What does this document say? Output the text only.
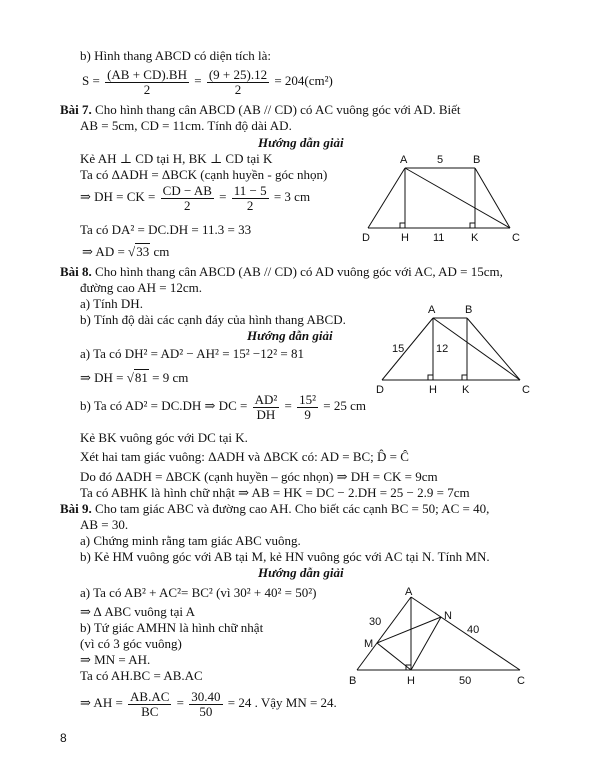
b) Hình thang ABCD có diện tích là:
$S = \frac{(AB + CD).BH}{2} = \frac{(9 + 25).12}{2} = 204(cm^2)$
Bài 7. Cho hình thang cân ABCD (AB // CD) có AC vuông góc với AD. Biết
AB = 5cm, CD = 11cm. Tính độ dài AD.
Hướng dẫn giải
Kẻ AH ⊥ CD tại H, BK ⊥ CD tại K
Ta có ΔADH = ΔBCK (cạnh huyền - góc nhọn)
⇒ DH = CK = $\frac{CD - AB}{2} = \frac{11 - 5}{2} = 3$ cm
Ta có DA² = DC.DH = 11.3 = 33
⇒ AD = √33 cm
A	B
C
D	H	K
5
11
Bài 8. Cho hình thang cân ABCD (AB // CD) có AD vuông góc với AC, AD = 15cm,
đường cao AH = 12cm.
a) Tính DH.
b) Tính độ dài các cạnh đáy của hình thang ABCD.
Hướng dẫn giải
a) Ta có DH² = AD² − AH² = 15² −12² = 81
⇒ DH = √81 = 9 cm
b) Ta có AD² = DC.DH ⇒ DC = $\frac{\text{AD²}}{DH} = \frac{\text{15²}}{9} = 25$ cm
Kẻ BK vuông góc với DC tại K.
Xét hai tam giác vuông: ΔADH và ΔBCK có: AD = BC; D̂ = Ĉ
Do đó ΔADH = ΔBCK (cạnh huyền – góc nhọn) ⇒ DH = CK = 9cm
Ta có ABHK là hình chữ nhật ⇒ AB = HK = DC − 2.DH = 25 − 2.9 = 7cm
A	B
C
D	H K
15	12
Bài 9. Cho tam giác ABC và đường cao AH. Cho biết các cạnh BC = 50; AC = 40,
AB = 30.
a) Chứng minh rằng tam giác ABC vuông.
b) Kẻ HM vuông góc với AB tại M, kẻ HN vuông góc với AC tại N. Tính MN.
Hướng dẫn giải
a) Ta có AB² + AC²= BC² (vì 30² + 40² = 50²)
⇒ Δ ABC vuông tại A
b) Tứ giác AMHN là hình chữ nhật
(vì có 3 góc vuông)
⇒ MN = AH.
Ta có AH.BC = AB.AC
⇒ AH = $\frac{AB.AC}{BC} = \frac{30.40}{50} = 24$ . Vậy MN = 24.
A
B	C
H
M
N
30
40
50
8
